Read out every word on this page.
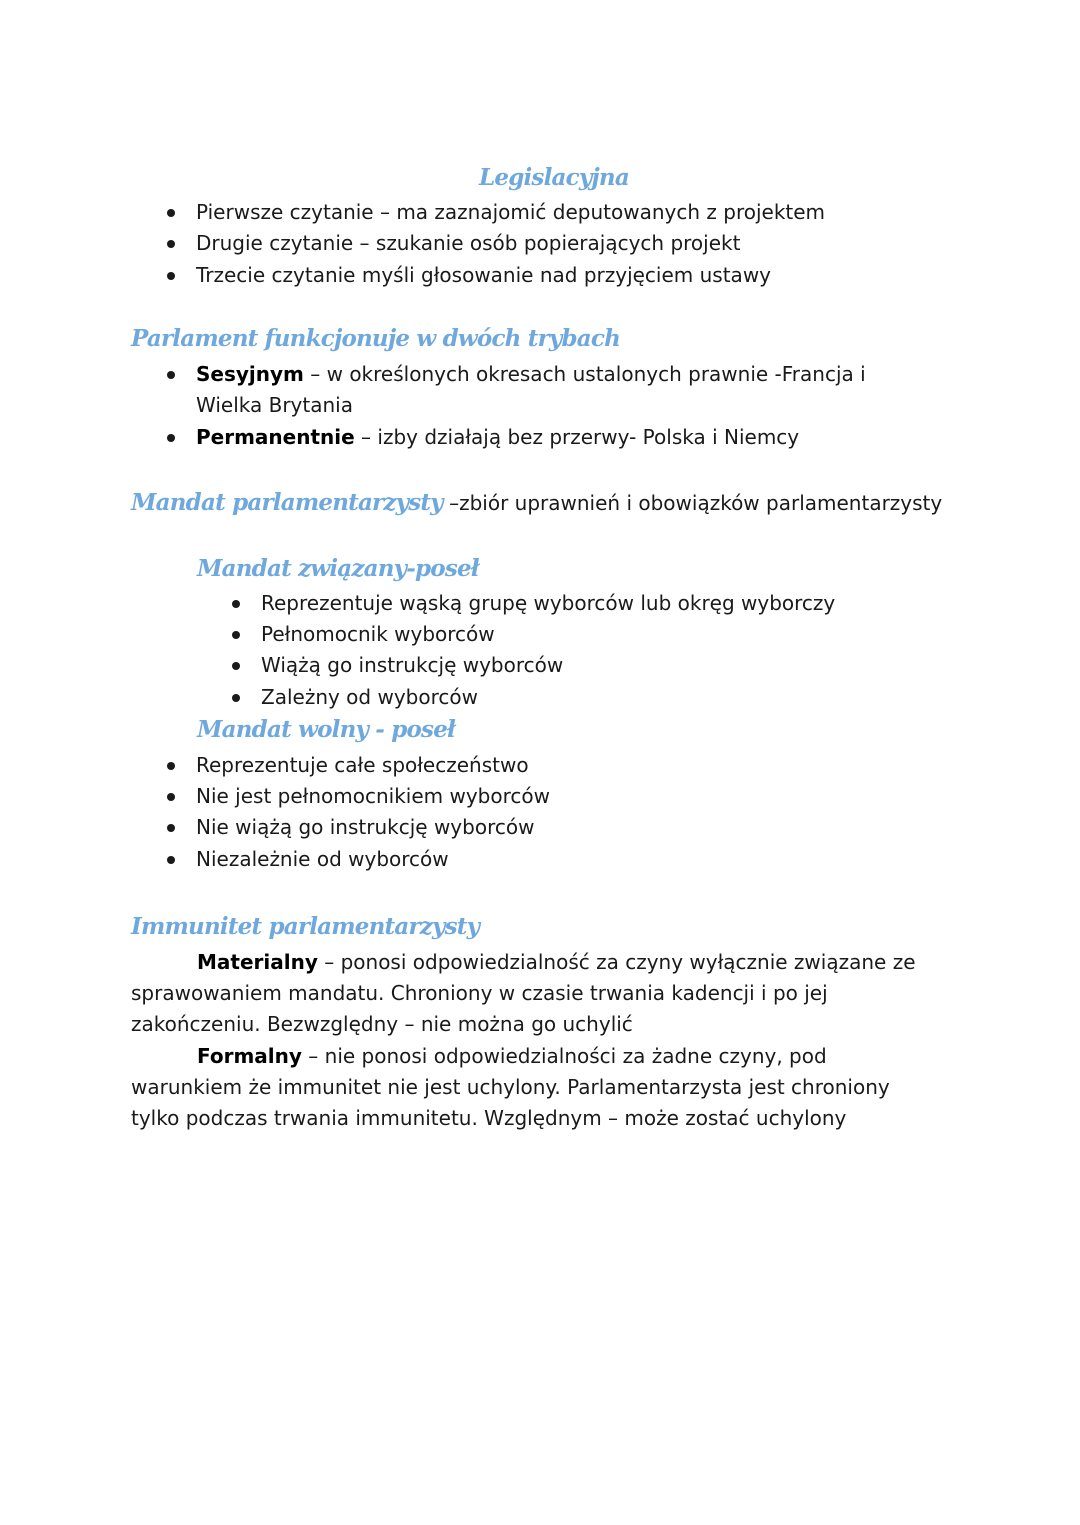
Legislacyjna
Pierwsze czytanie – ma zaznajomić deputowanych z projektem
Drugie czytanie – szukanie osób popierających projekt
Trzecie czytanie myśli głosowanie nad przyjęciem ustawy
Parlament funkcjonuje w dwóch trybach
Sesyjnym – w określonych okresach ustalonych prawnie -Francja i
Wielka Brytania
Permanentnie – izby działają bez przerwy- Polska i Niemcy
Mandat parlamentarzysty –zbiór uprawnień i obowiązków parlamentarzysty
Mandat związany-poseł
Reprezentuje wąską grupę wyborców lub okręg wyborczy
Pełnomocnik wyborców
Wiążą go instrukcję wyborców
Zależny od wyborców
Mandat wolny - poseł
Reprezentuje całe społeczeństwo
Nie jest pełnomocnikiem wyborców
Nie wiążą go instrukcję wyborców
Niezależnie od wyborców
Immunitet parlamentarzysty
Materialny – ponosi odpowiedzialność za czyny wyłącznie związane ze
sprawowaniem mandatu. Chroniony w czasie trwania kadencji i po jej
zakończeniu. Bezwzględny – nie można go uchylić
Formalny – nie ponosi odpowiedzialności za żadne czyny, pod
warunkiem że immunitet nie jest uchylony. Parlamentarzysta jest chroniony
tylko podczas trwania immunitetu. Względnym – może zostać uchylony
